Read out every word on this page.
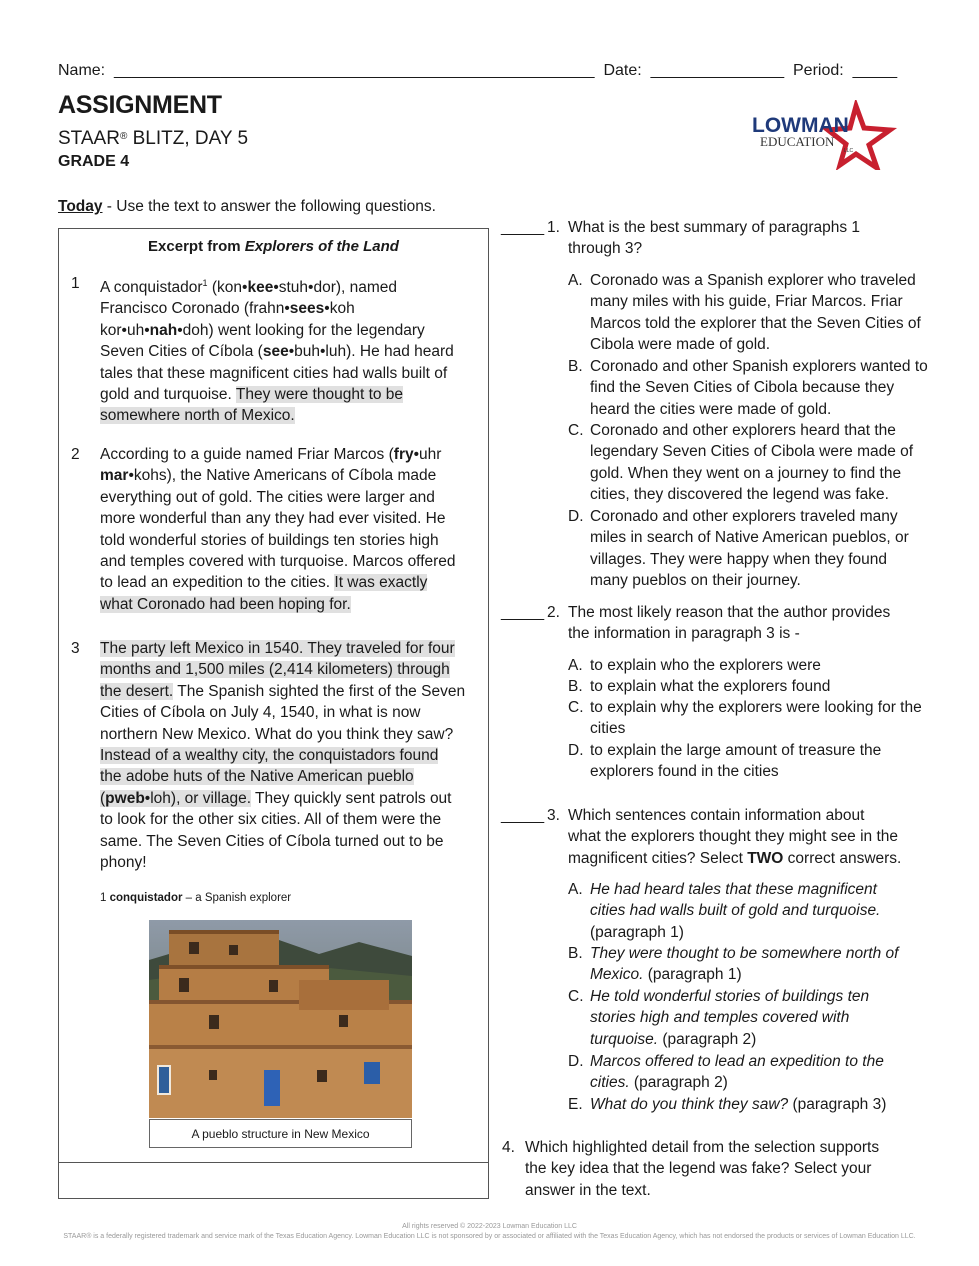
Name: ______________________________________________________ Date: _______________ Period: _____
ASSIGNMENT
STAAR® BLITZ, DAY 5
GRADE 4
LOWMAN
EDUCATION
LLC
Today - Use the text to answer the following questions.
Excerpt from Explorers of the Land
1 A conquistador$^1$ (kon•kee•stuh•dor), named
Francisco Coronado (frahn•sees•koh
kor•uh•nah•doh) went looking for the legendary
Seven Cities of Cíbola (see•buh•luh). He had heard
tales that these magnificent cities had walls built of
gold and turquoise. They were thought to be
somewhere north of Mexico.
2 According to a guide named Friar Marcos (fry•uhr
mar•kohs), the Native Americans of Cíbola made
everything out of gold. The cities were larger and
more wonderful than any they had ever visited. He
told wonderful stories of buildings ten stories high
and temples covered with turquoise. Marcos offered
to lead an expedition to the cities. It was exactly
what Coronado had been hoping for.
3 The party left Mexico in 1540. They traveled for four
months and 1,500 miles (2,414 kilometers) through
the desert. The Spanish sighted the first of the Seven
Cities of Cíbola on July 4, 1540, in what is now
northern New Mexico. What do you think they saw?
Instead of a wealthy city, the conquistadors found
the adobe huts of the Native American pueblo
(pweb•loh), or village. They quickly sent patrols out
to look for the other six cities. All of them were the
same. The Seven Cities of Cíbola turned out to be
phony!
1 conquistador – a Spanish explorer
A pueblo structure in New Mexico
_____ 1. What is the best summary of paragraphs 1
through 3?
A. Coronado was a Spanish explorer who traveled many miles with his guide, Friar Marcos. Friar Marcos told the explorer that the Seven Cities of Cibola were made of gold.
B. Coronado and other Spanish explorers wanted to find the Seven Cities of Cibola because they heard the cities were made of gold.
C. Coronado and other explorers heard that the legendary Seven Cities of Cibola were made of gold. When they went on a journey to find the cities, they discovered the legend was fake.
D. Coronado and other explorers traveled many miles in search of Native American pueblos, or villages. They were happy when they found many pueblos on their journey.
_____ 2. The most likely reason that the author provides
the information in paragraph 3 is -
A. to explain who the explorers were
B. to explain what the explorers found
C. to explain why the explorers were looking for the cities
D. to explain the large amount of treasure the explorers found in the cities
_____ 3. Which sentences contain information about
what the explorers thought they might see in the
magnificent cities? Select TWO correct answers.
A. He had heard tales that these magnificent cities had walls built of gold and turquoise. (paragraph 1)
B. They were thought to be somewhere north of Mexico. (paragraph 1)
C. He told wonderful stories of buildings ten stories high and temples covered with turquoise. (paragraph 2)
D. Marcos offered to lead an expedition to the cities. (paragraph 2)
E. What do you think they saw? (paragraph 3)
4. Which highlighted detail from the selection supports
the key idea that the legend was fake? Select your
answer in the text.
All rights reserved © 2022-2023 Lowman Education LLC
STAAR® is a federally registered trademark and service mark of the Texas Education Agency. Lowman Education LLC is not sponsored by or associated or affiliated with the Texas Education Agency, which has not endorsed the products or services of Lowman Education LLC.
